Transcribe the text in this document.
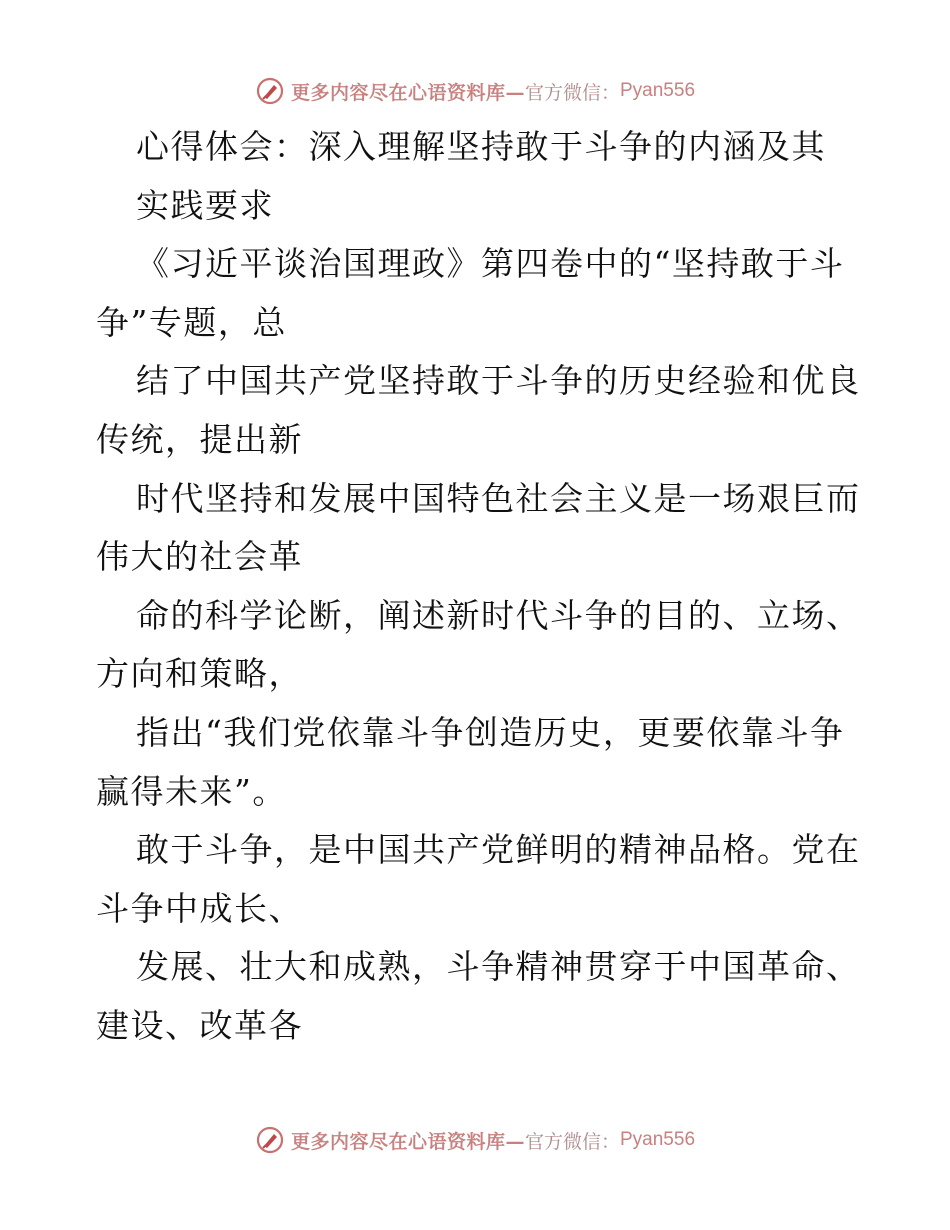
更多内容尽在心语资料库— 官方微信： Pyan556
心得体会：深入理解坚持敢于斗争的内涵及其
实践要求
《习近平谈治国理政》第四卷中的“坚持敢于斗
争”专题，总
结了中国共产党坚持敢于斗争的历史经验和优良
传统，提出新
时代坚持和发展中国特色社会主义是一场艰巨而
伟大的社会革
命的科学论断，阐述新时代斗争的目的、立场、
方向和策略，
指出“我们党依靠斗争创造历史，更要依靠斗争
赢得未来”。
敢于斗争，是中国共产党鲜明的精神品格。党在
斗争中成长、
发展、壮大和成熟，斗争精神贯穿于中国革命、
建设、改革各
更多内容尽在心语资料库— 官方微信： Pyan556
